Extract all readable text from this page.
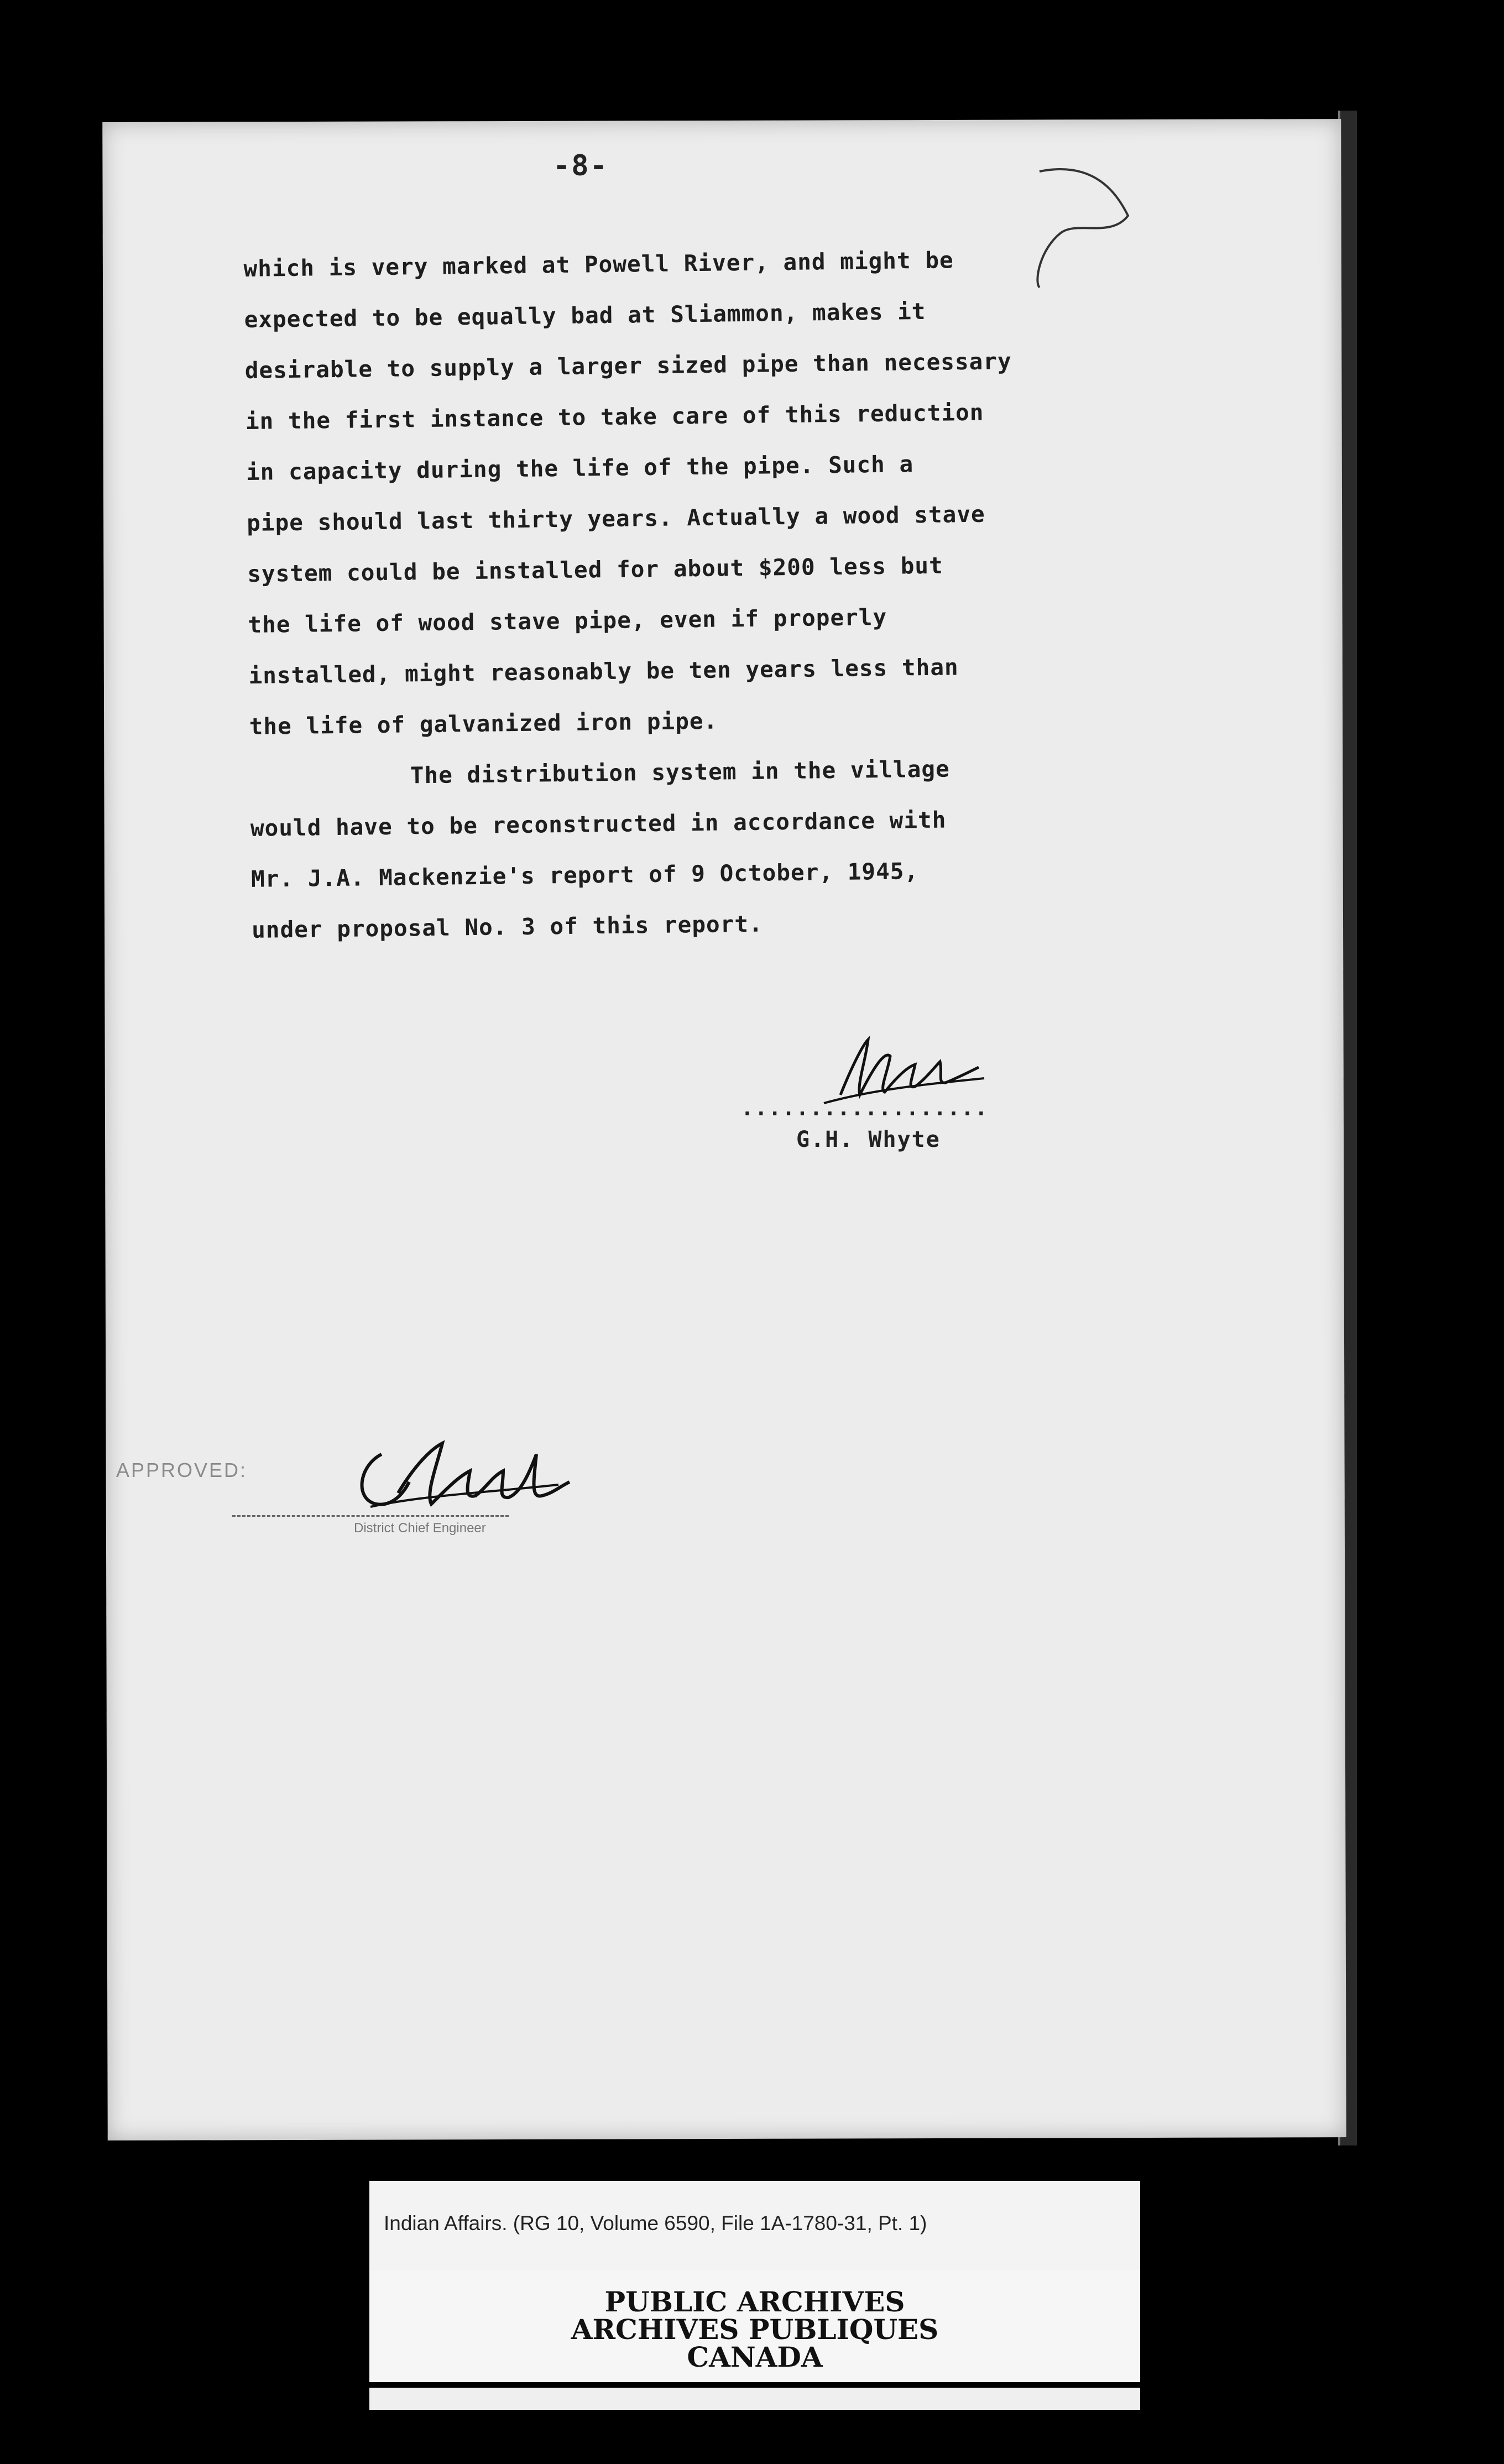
-8-
which is very marked at Powell River, and might be
expected to be equally bad at Sliammon, makes it
desirable to supply a larger sized pipe than necessary
in the first instance to take care of this reduction
in capacity during the life of the pipe. Such a
pipe should last thirty years. Actually a wood stave
system could be installed for about $200 less but
the life of wood stave pipe, even if properly
installed, might reasonably be ten years less than
the life of galvanized iron pipe.
The distribution system in the village
would have to be reconstructed in accordance with
Mr. J.A. Mackenzie's report of 9 October, 1945,
under proposal No. 3 of this report.
..................
G.H. Whyte
APPROVED:
District Chief Engineer
Indian Affairs. (RG 10, Volume 6590, File 1A-1780-31, Pt. 1)
PUBLIC ARCHIVES
ARCHIVES PUBLIQUES
CANADA
